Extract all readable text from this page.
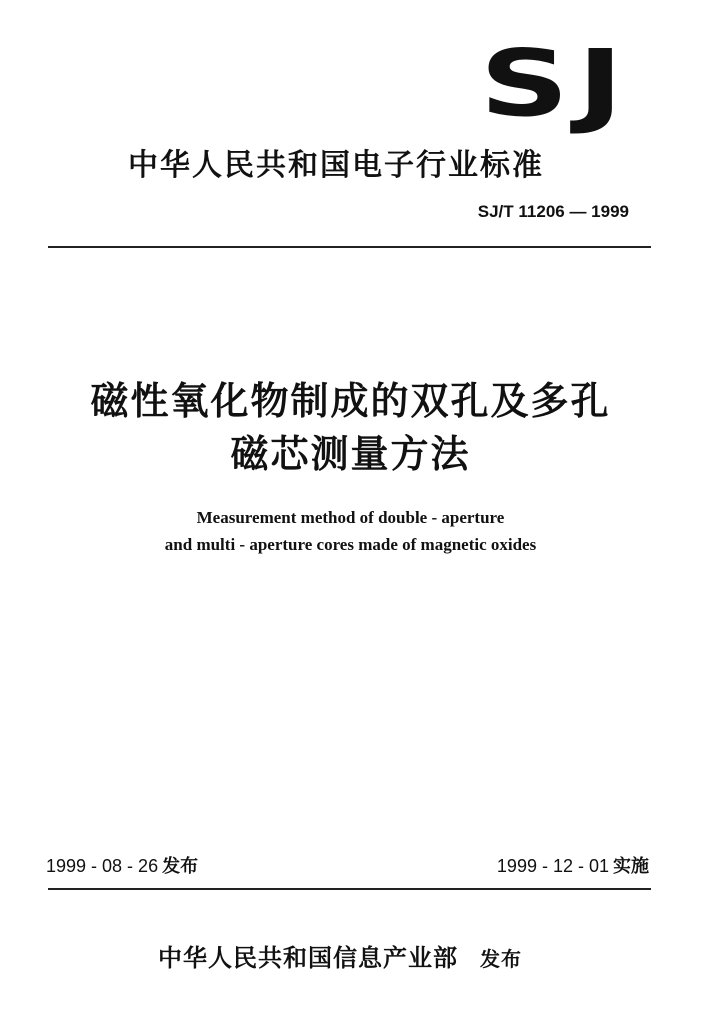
SJ
中华人民共和国电子行业标准
SJ/T 11206 — 1999
磁性氧化物制成的双孔及多孔
磁芯测量方法
Measurement method of double - aperture
and multi - aperture cores made of magnetic oxides
1999 - 08 - 26 发布	1999 - 12 - 01 实施
中华人民共和国信息产业部 发布
